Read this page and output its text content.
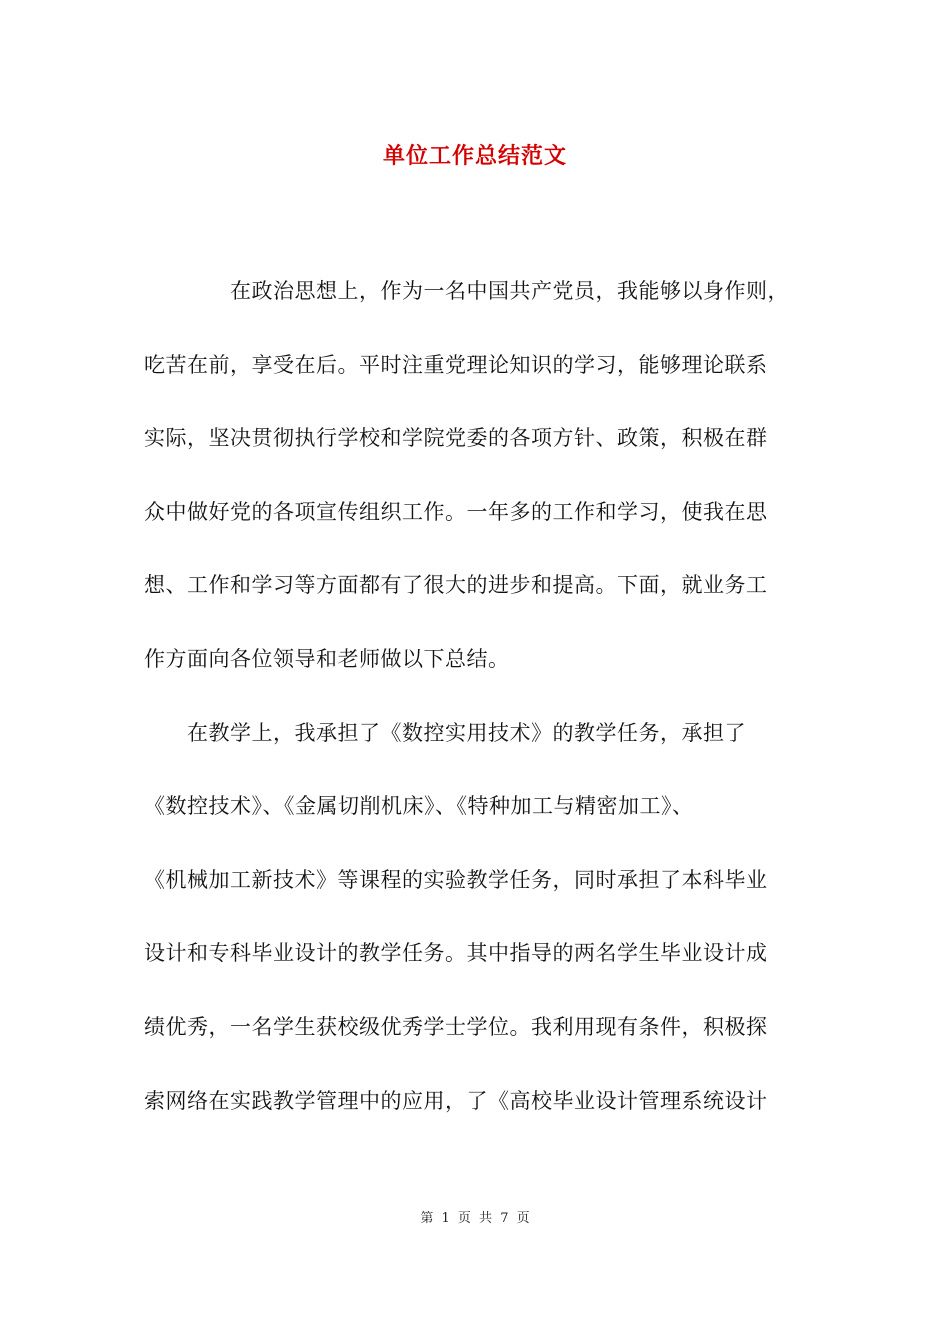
单位工作总结范文
　　　　在政治思想上，作为一名中国共产党员，我能够以身作则，
吃苦在前，享受在后。平时注重党理论知识的学习，能够理论联系
实际，坚决贯彻执行学校和学院党委的各项方针、政策，积极在群
众中做好党的各项宣传组织工作。一年多的工作和学习，使我在思
想、工作和学习等方面都有了很大的进步和提高。下面，就业务工
作方面向各位领导和老师做以下总结。
　　在教学上，我承担了《数控实用技术》的教学任务，承担了
《数控技术》、《金属切削机床》、《特种加工与精密加工》、
《机械加工新技术》等课程的实验教学任务，同时承担了本科毕业
设计和专科毕业设计的教学任务。其中指导的两名学生毕业设计成
绩优秀，一名学生获校级优秀学士学位。我利用现有条件，积极探
索网络在实践教学管理中的应用，了《高校毕业设计管理系统设计
第 1 页 共 7 页
